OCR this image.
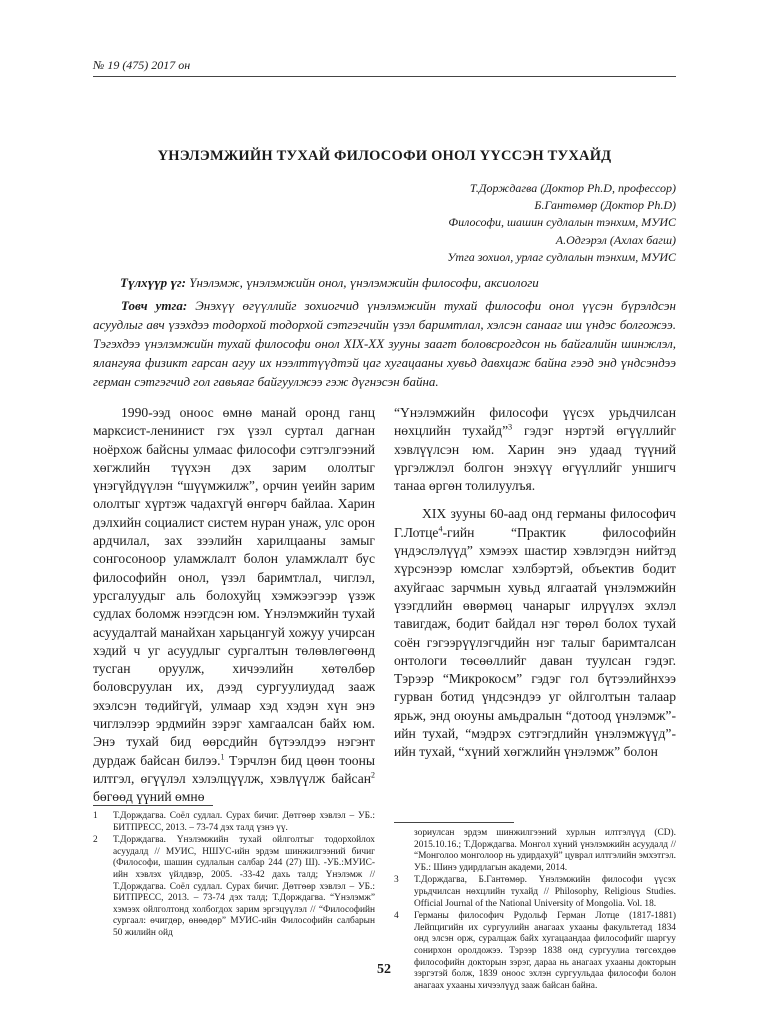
№ 19 (475) 2017 он
ҮНЭЛЭМЖИЙН ТУХАЙ ФИЛОСОФИ ОНОЛ ҮҮССЭН ТУХАЙД
Т.Дорждагва (Доктор Ph.D, профессор)
Б.Гантөмөр (Доктор Ph.D)
Философи, шашин судлалын тэнхим, МУИС
А.Одгэрэл (Ахлах багш)
Утга зохиол, урлаг судлалын тэнхим, МУИС
Түлхүүр үг: Үнэлэмж, үнэлэмжийн онол, үнэлэмжийн философи, аксиологи
Товч утга: Энэхүү өгүүллийг зохиогчид үнэлэмжийн тухай философи онол үүсэн бүрэлдсэн асуудлыг авч үзэхдээ тодорхой тодорхой сэтгэгчийн үзэл баримтлал, хэлсэн санааг иш үндэс болгожээ. Тэгэхдээ үнэлэмжийн тухай философи онол XIX-XX зууны заагт боловсрогдсон нь байгалийн шинжлэл, ялангуяа физикт гарсан агуу их нээлттүүдтэй цаг хугацааны хувьд давхцаж байна гээд энд үндсэндээ герман сэтгэгчид гол гавьяаг байгуулжээ гэж дүгнэсэн байна.

1990-ээд оноос өмнө манай оронд ганц марксист-ленинист гэх үзэл суртал дагнан ноёрхож байсны улмаас философи сэтгэлгээний хөгжлийн түүхэн дэх зарим ололтыг үнэгүйдүүлэн “шүүмжилж”, орчин үеийн зарим ололтыг хүртэж чадахгүй өнгөрч байлаа. Харин дэлхийн социалист систем нуран унаж, улс орон ардчилал, зах зээлийн харилцааны замыг сонгосоноор уламжлалт болон уламжлалт бус философийн онол, үзэл баримтлал, чиглэл, урсгалуудыг аль болохуйц хэмжээгээр үзэж судлах боломж нээгдсэн юм. Үнэлэмжийн тухай асуудалтай манайхан харьцангуй хожуу учирсан хэдий ч уг асуудлыг сургалтын төлөвлөгөөнд тусган оруулж, хичээлийн хөтөлбөр боловсруулан их, дээд сургуулиудад зааж эхэлсэн төдийгүй, улмаар хэд хэдэн хүн энэ чиглэлээр эрдмийн зэрэг хамгаалсан байх юм. Энэ тухай бид өөрсдийн бүтээлдээ нэгэнт дурдаж байсан билээ.$^1$ Тэрчлэн бид цөөн тооны илтгэл, өгүүлэл хэлэлцүүлж, хэвлүүлж байсан$^2$ бөгөөд үүний өмнө

“Үнэлэмжийн философи үүсэх урьдчилсан нөхцлийн тухайд”$^3$ гэдэг нэртэй өгүүллийг хэвлүүлсэн юм. Харин энэ удаад түүний үргэлжлэл болгон энэхүү өгүүллийг уншигч танаа өргөн толилуулъя.

XIX зууны 60-аад онд германы философич Г.Лотце$^4$-гийн “Практик философийн үндэслэлүүд” хэмээх шастир хэвлэгдэн нийтэд хүрсэнээр юмслаг хэлбэртэй, объектив бодит ахуйгаас зарчмын хувьд ялгаатай үнэлэмжийн үзэгдлийн өвөрмөц чанарыг илрүүлэх эхлэл тавигдаж, бодит байдал нэг төрөл болох тухай соён гэгээрүүлэгчдийн нэг талыг баримталсан онтологи төсөөллийг даван туулсан гэдэг. Тэрээр “Микрокосм” гэдэг гол бүтээлийнхээ гурван ботид үндсэндээ уг ойлголтын талаар ярьж, энд оюуны амьдралын “дотоод үнэлэмж”-ийн тухай, “мэдрэх сэтгэгдлийн үнэлэмжүүд”-ийн тухай, “хүний хөгжлийн үнэлэмж” болон

1	Т.Дорждагва. Соёл судлал. Сурах бичиг. Дөтгөөр хэвлэл – УБ.: БИТПРЕСС, 2013. – 73-74 дэх талд үзнэ үү.
2	Т.Дорждагва. Үнэлэмжийн тухай ойлголтыг тодорхойлох асуудалд // МУИС, НШУС-ийн эрдэм шинжилгээний бичиг (Философи, шашин судлалын салбар 244 (27) Ш). -УБ.:МУИС-ийн хэвлэх үйлдвэр, 2005. -33-42 дахь талд; Үнэлэмж // Т.Дорждагва. Соёл судлал. Сурах бичиг. Дөтгөөр хэвлэл – УБ.: БИТПРЕСС, 2013. – 73-74 дэх талд; Т.Дорждагва. “Үнэлэмж” хэмээх ойлголтонд холбогдох зарим эргэцүүлэл // “Философийн сургаал: өчигдөр, өнөөдөр” МУИС-ийн Философийн салбарын 50 жилийн ойд
зориулсан эрдэм шинжилгээний хурлын илтгэлүүд (CD). 2015.10.16.; Т.Дорждагва. Монгол хүний үнэлэмжийн асуудалд // “Монголоо монголоор нь удирдахуй” цуврал илтгэлийн эмхэтгэл. УБ.: Шинэ удирдлагын академи, 2014.
3	Т.Дорждагва, Б.Гантөмөр. Үнэлэмжийн философи үүсэх урьдчилсан нөхцлийн тухайд // Philosophy, Religious Studies. Official Journal of the National University of Mongolia. Vol. 18.
4	Германы философич Рудольф Герман Лотце (1817-1881) Лейпцигийн их сургуулийн анагаах ухааны факультетад 1834 онд элсэн орж, суралцаж байх хугацаандаа философийг шаргуу сонирхон оролдожээ. Тэрээр 1838 онд сургуулиа төгсөхдөө философийн докторын зэрэг, дараа нь анагаах ухааны докторын зэргэтэй болж, 1839 оноос эхлэн сургуульдаа философи болон анагаах ухааны хичээлүүд зааж байсан байна.
52
